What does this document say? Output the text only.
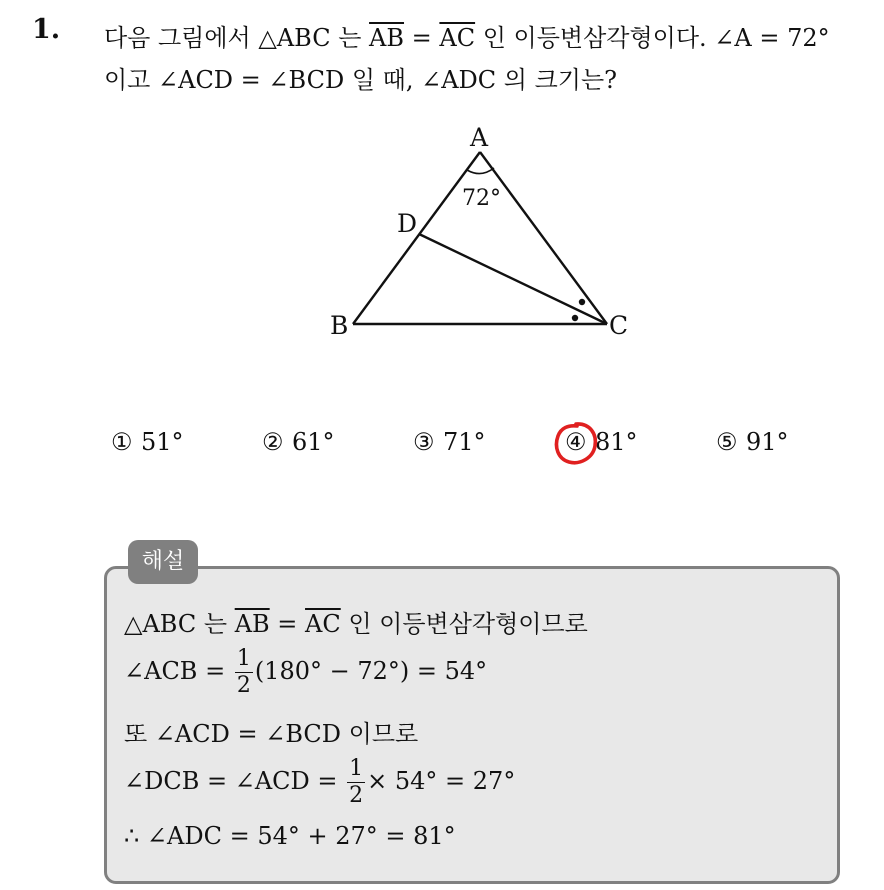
1. 다음 그림에서 △ABC 는 $\overline{AB} = \overline{AC}$ 인 이등변삼각형이다. ∠A = 72°
이고 ∠ACD = ∠BCD 일 때, ∠ADC 의 크기는?
A
B	C
D
72°
① 51°	② 61°	③ 71°	④ 81°	⑤ 91°
해설
△ABC 는 $\overline{AB} = \overline{AC}$ 인 이등변삼각형이므로
∠ACB = $\frac{1}{2} (180^\circ - 72^\circ) = 54^\circ$
또 ∠ACD = ∠BCD 이므로
∠DCB = ∠ACD = $\frac{1}{2} \times 54^\circ = 27^\circ$
∴ ∠ADC = 54° + 27° = 81°
